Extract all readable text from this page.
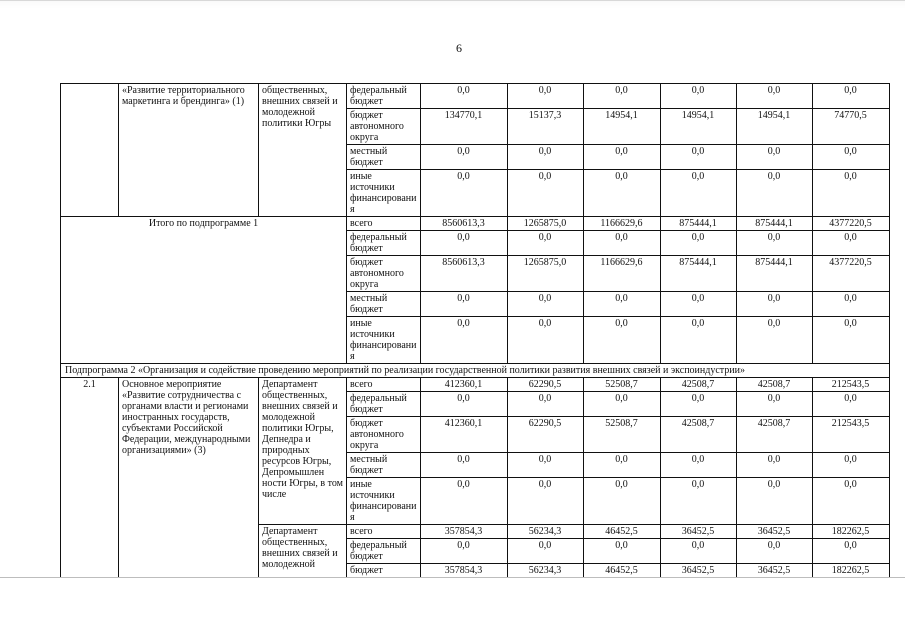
6
	«Развитие территориального маркетинга и брендинга» (1)	общественных, внешних связей и молодежной политики Югры	федеральный бюджет	0,0	0,0	0,0	0,0	0,0	0,0
			бюджет автономного округа	134770,1	15137,3	14954,1	14954,1	14954,1	74770,5
			местный бюджет	0,0	0,0	0,0	0,0	0,0	0,0
			иные источники финансировани я	0,0	0,0	0,0	0,0	0,0	0,0
Итого по подпрограмме 1			всего	8560613,3	1265875,0	1166629,6	875444,1	875444,1	4377220,5
			федеральный бюджет	0,0	0,0	0,0	0,0	0,0	0,0
			бюджет автономного округа	8560613,3	1265875,0	1166629,6	875444,1	875444,1	4377220,5
			местный бюджет	0,0	0,0	0,0	0,0	0,0	0,0
			иные источники финансировани я	0,0	0,0	0,0	0,0	0,0	0,0
Подпрограмма 2 «Организация и содействие проведению мероприятий по реализации государственной политики развития внешних связей и экспоиндустрии»									
2.1	Основное мероприятие «Развитие сотрудничества с органами власти и регионами иностранных государств, субъектами Российской Федерации, международными организациями» (3)	Департамент общественных, внешних связей и молодежной политики Югры, Депнедра и природных ресурсов Югры, Депромышлен ности Югры, в том числе	всего	412360,1	62290,5	52508,7	42508,7	42508,7	212543,5
			федеральный бюджет	0,0	0,0	0,0	0,0	0,0	0,0
			бюджет автономного округа	412360,1	62290,5	52508,7	42508,7	42508,7	212543,5
			местный бюджет	0,0	0,0	0,0	0,0	0,0	0,0
			иные источники финансировани я	0,0	0,0	0,0	0,0	0,0	0,0
		Департамент общественных, внешних связей и молодежной	всего	357854,3	56234,3	46452,5	36452,5	36452,5	182262,5
			федеральный бюджет	0,0	0,0	0,0	0,0	0,0	0,0
			бюджет	357854,3	56234,3	46452,5	36452,5	36452,5	182262,5
